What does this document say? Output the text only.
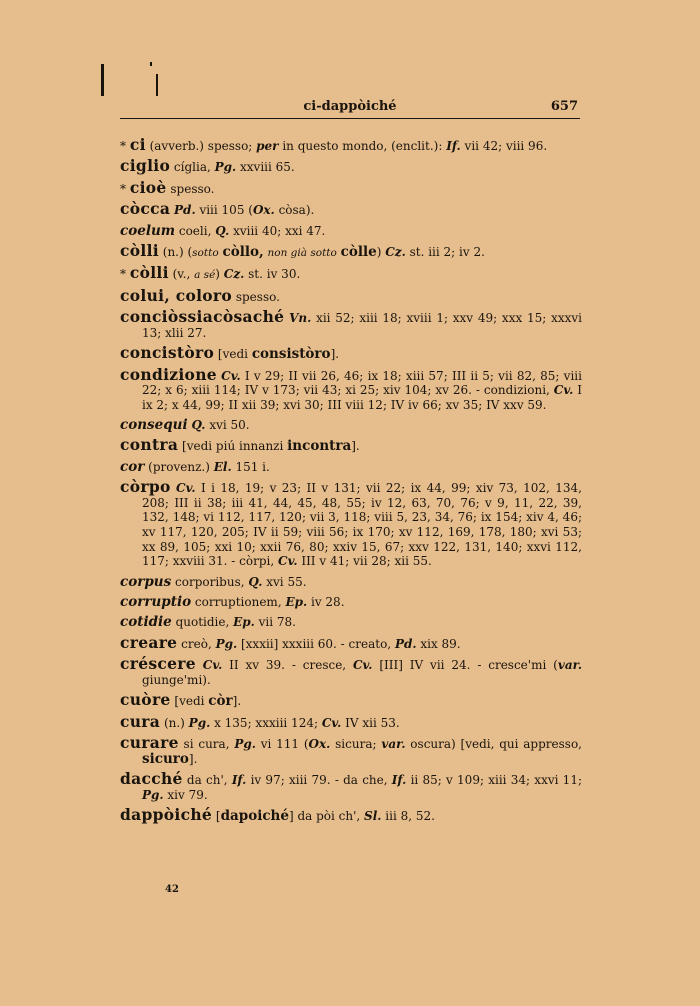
ci-dappòiché	657
* ci (avverb.) spesso; per in questo mondo, (enclit.): If. vii 42; viii 96.
ciglio cíglia, Pg. xxviii 65.
* cioè spesso.
còcca Pd. viii 105 (Ox. còsa).
coelum coeli, Q. xviii 40; xxi 47.
còlli (n.) (sotto còllo, non già sotto còlle) Cz. st. iii 2; iv 2.
* còlli (v., a sé) Cz. st. iv 30.
colui, coloro spesso.
conciòssiacòsaché Vn. xii 52; xiii 18; xviii 1; xxv 49; xxx 15; xxxvi 13; xlii 27.
concistòro [vedi consistòro].
condizione Cv. I v 29; II vii 26, 46; ix 18; xiii 57; III ii 5; vii 82, 85; viii 22; x 6; xiii 114; IV v 173; vii 43; xi 25; xiv 104; xv 26. - condizioni, Cv. I ix 2; x 44, 99; II xii 39; xvi 30; III viii 12; IV iv 66; xv 35; IV xxv 59.
consequi Q. xvi 50.
contra [vedi piú innanzi incontra].
cor (provenz.) El. 151 i.
còrpo Cv. I i 18, 19; v 23; II v 131; vii 22; ix 44, 99; xiv 73, 102, 134, 208; III ii 38; iii 41, 44, 45, 48, 55; iv 12, 63, 70, 76; v 9, 11, 22, 39, 132, 148; vi 112, 117, 120; vii 3, 118; viii 5, 23, 34, 76; ix 154; xiv 4, 46; xv 117, 120, 205; IV ii 59; viii 56; ix 170; xv 112, 169, 178, 180; xvi 53; xx 89, 105; xxi 10; xxii 76, 80; xxiv 15, 67; xxv 122, 131, 140; xxvi 112, 117; xxviii 31. - còrpi, Cv. III v 41; vii 28; xii 55.
corpus corporibus, Q. xvi 55.
corruptio corruptionem, Ep. iv 28.
cotidie quotidie, Ep. vii 78.
creare creò, Pg. [xxxii] xxxiii 60. - creato, Pd. xix 89.
créscere Cv. II xv 39. - cresce, Cv. [III] IV vii 24. - cresce'mi (var. giunge'mi).
cuòre [vedi còr].
cura (n.) Pg. x 135; xxxiii 124; Cv. IV xii 53.
curare si cura, Pg. vi 111 (Ox. sicura; var. oscura) [vedi, qui appresso, sicuro].
dacché da ch', If. iv 97; xiii 79. - da che, If. ii 85; v 109; xiii 34; xxvi 11; Pg. xiv 79.
dappòiché [dapoiché] da pòi ch', Sl. iii 8, 52.
42
